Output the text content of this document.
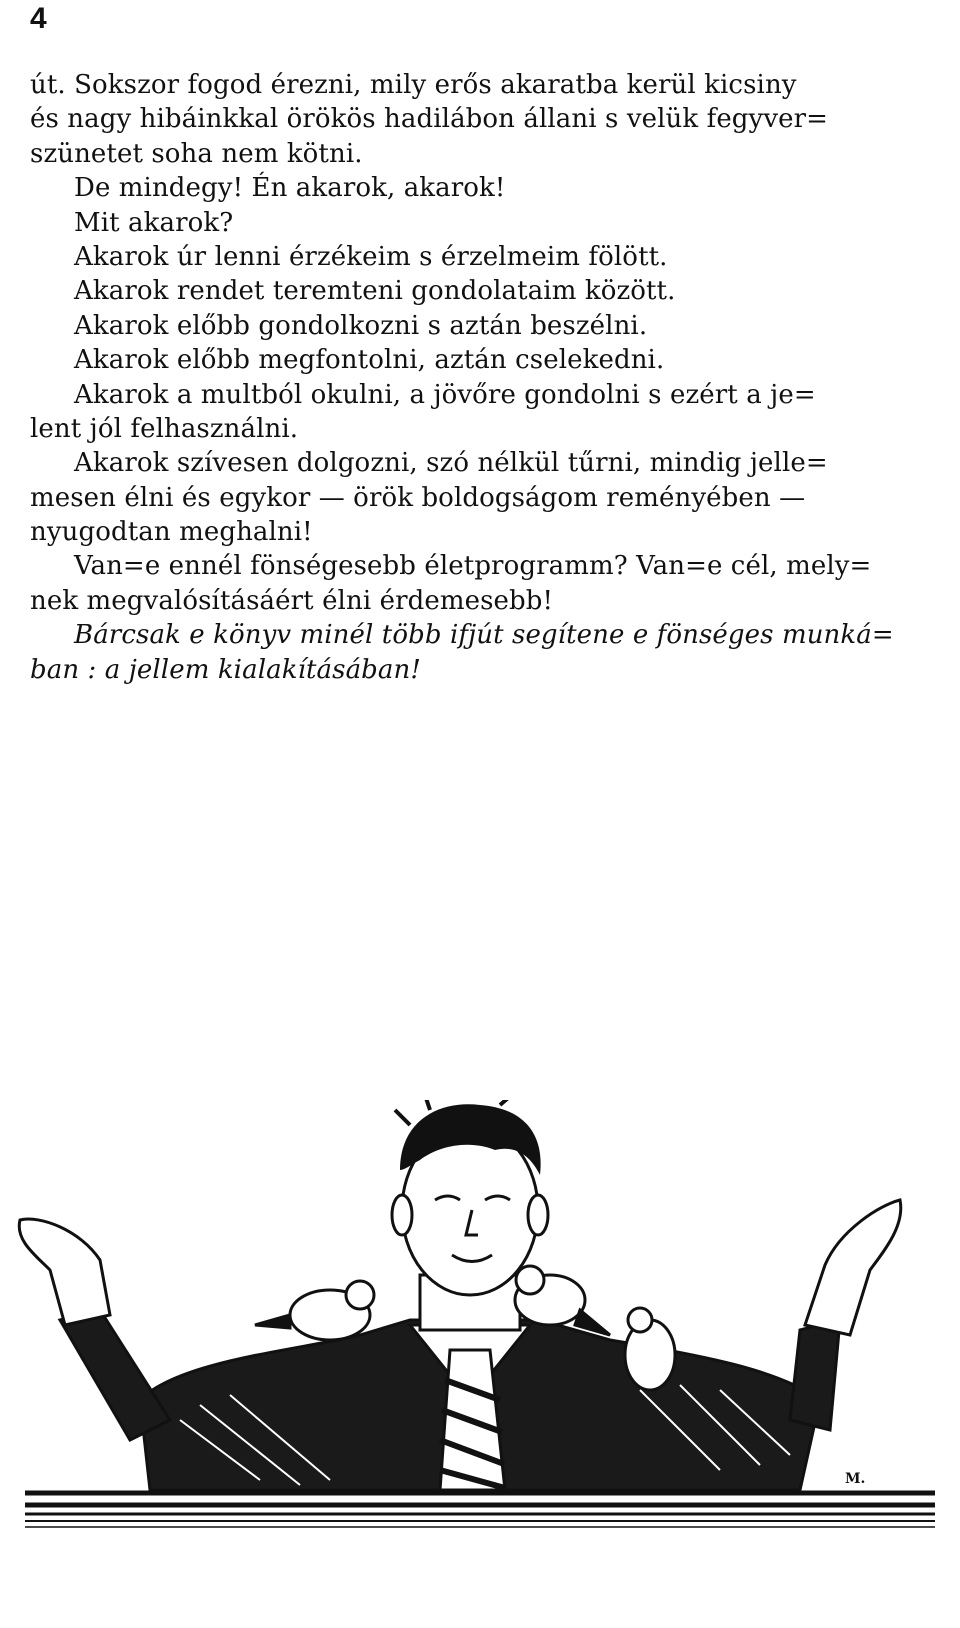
4
út. Sokszor fogod érezni, mily erős akaratba kerül kicsiny
és nagy hibáinkkal örökös hadilábon állani s velük fegyver=
szünetet soha nem kötni.
De mindegy! Én akarok, akarok!
Mit akarok?
Akarok úr lenni érzékeim s érzelmeim fölött.
Akarok rendet teremteni gondolataim között.
Akarok előbb gondolkozni s aztán beszélni.
Akarok előbb megfontolni, aztán cselekedni.
Akarok a multból okulni, a jövőre gondolni s ezért a je=
lent jól felhasználni.
Akarok szívesen dolgozni, szó nélkül tűrni, mindig jelle=
mesen élni és egykor — örök boldogságom reményében —
nyugodtan meghalni!
Van=e ennél fönségesebb életprogramm? Van=e cél, mely=
nek megvalósításáért élni érdemesebb!
Bárcsak e könyv minél több ifjút segítene e fönséges munká=
ban : a jellem kialakításában!
M.
